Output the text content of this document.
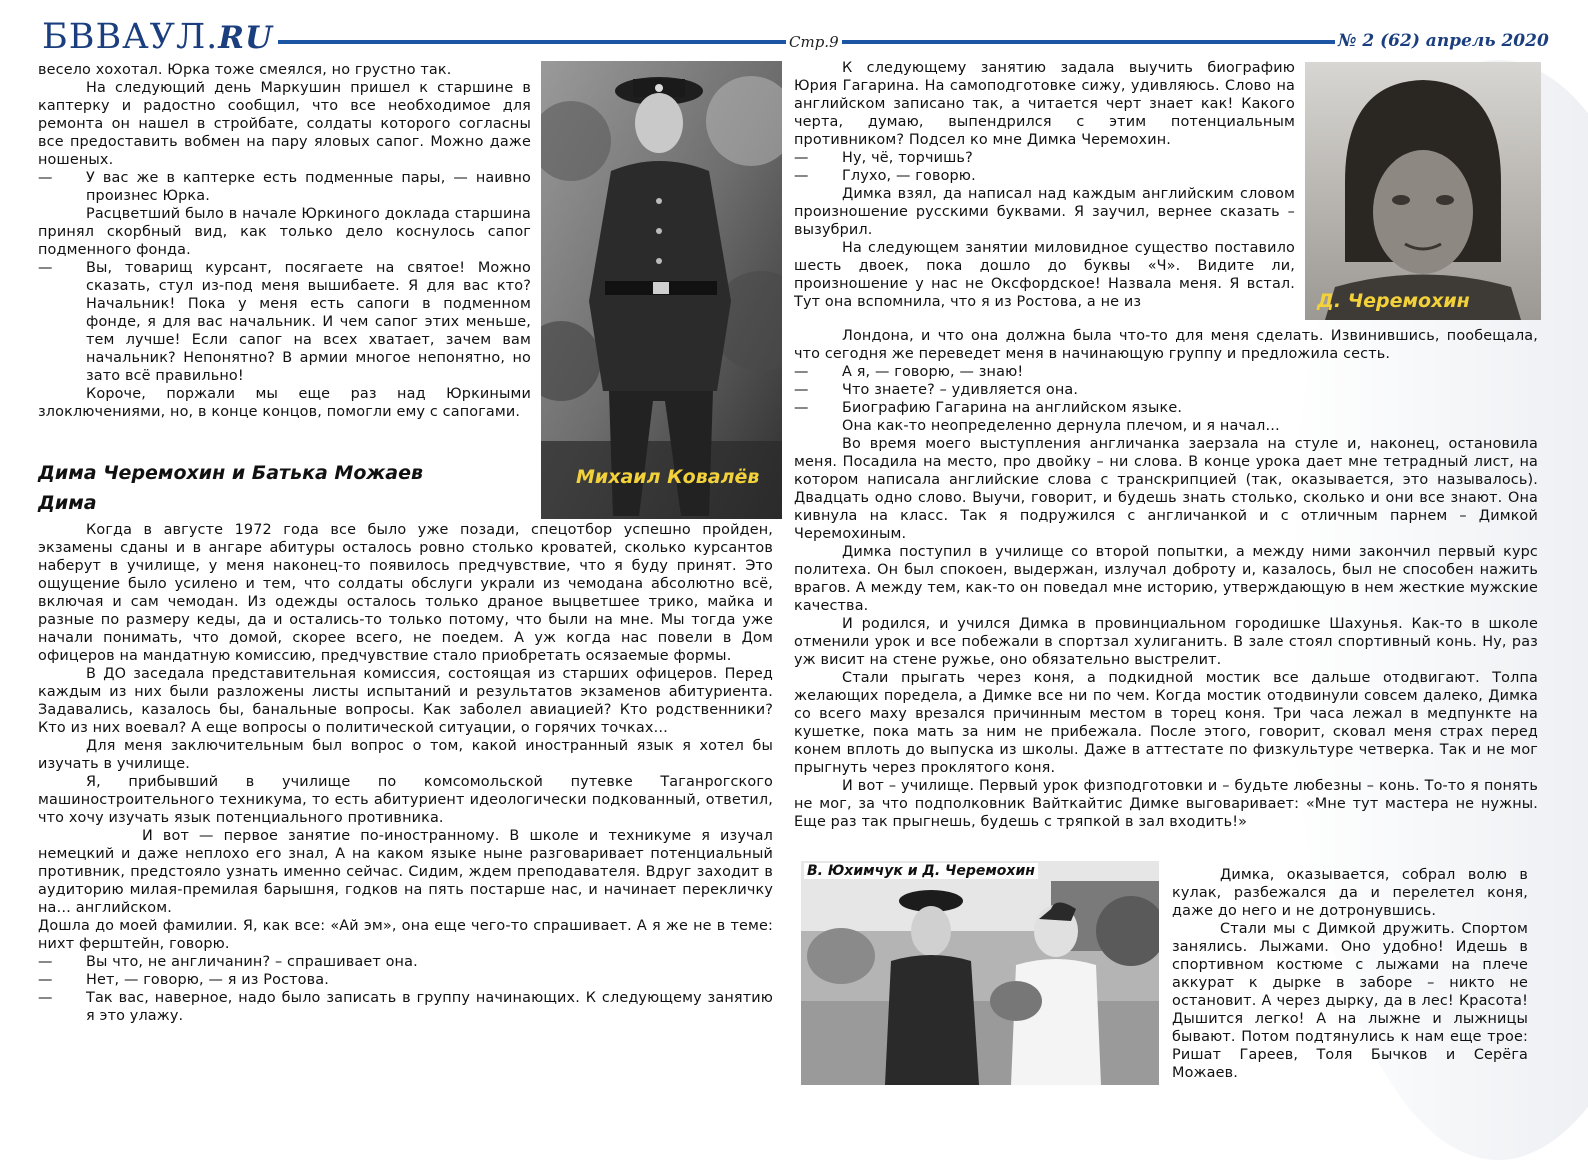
БВВАУЛ.RU	Стр.9	№ 2 (62) апрель 2020
Михаил Ковалёв
Д. Черемохин
В. Юхимчук и Д. Черемохин

весело хохотал. Юрка тоже смеялся, но грустно так.

На следующий день Маркушин пришел к старшине в каптерку и радостно сообщил, что все необходимое для ремонта он нашел в стройбате, солдаты которого согласны все предоставить вобмен на пару яловых сапог. Можно даже ношеных.

—	У вас же в каптерке есть подменные пары, — наивно произнес Юрка.

Расцветший было в начале Юркиного доклада старшина принял скорбный вид, как только дело коснулось сапог подменного фонда.

—	Вы, товарищ курсант, посягаете на святое! Можно сказать, стул из-под меня вышибаете. Я для вас кто? Начальник! Пока у меня есть сапоги в подменном фонде, я для вас начальник. И чем сапог этих меньше, тем лучше! Если сапог на всех хватает, зачем вам начальник? Непонятно? В армии многое непонятно, но зато всё правильно!

Короче, поржали мы еще раз над Юркиными злоключениями, но, в конце концов, помогли ему с сапогами.

Дима Черемохин и Батька Можаев

Дима

Когда в августе 1972 года все было уже позади, спецотбор успешно пройден, экзамены сданы и в ангаре абитуры осталось ровно столько кроватей, сколько курсантов наберут в училище, у меня наконец-то появилось предчувствие, что я буду принят. Это ощущение было усилено и тем, что солдаты обслуги украли из чемодана абсолютно всё, включая и сам чемодан. Из одежды осталось только драное выцветшее трико, майка и разные по размеру кеды, да и остались-то только потому, что были на мне. Мы тогда уже начали понимать, что домой, скорее всего, не поедем. А уж когда нас повели в Дом офицеров на мандатную комиссию, предчувствие стало приобретать осязаемые формы.

В ДО заседала представительная комиссия, состоящая из старших офицеров. Перед каждым из них были разложены листы испытаний и результатов экзаменов абитуриента. Задавались, казалось бы, банальные вопросы. Как заболел авиацией? Кто родственники? Кто из них воевал? А еще вопросы о политической ситуации, о горячих точках…

Для меня заключительным был вопрос о том, какой иностранный язык я хотел бы изучать в училище.

Я, прибывший в училище по комсомольской путевке Таганрогского машиностроительного техникума, то есть абитуриент идеологически подкованный, ответил, что хочу изучать язык потенциального противника.

И вот — первое занятие по-иностранному. В школе и техникуме я изучал немецкий и даже неплохо его знал, А на каком языке ныне разговаривает потенциальный противник, предстояло узнать именно сейчас. Сидим, ждем преподавателя. Вдруг заходит в аудиторию милая-премилая барышня, годков на пять постарше нас, и начинает перекличку на… английском.

Дошла до моей фамилии. Я, как все: «Ай эм», она еще чего-то спрашивает. А я же не в теме: нихт ферштейн, говорю.

—	Вы что, не англичанин? – спрашивает она.
—	Нет, — говорю, — я из Ростова.
—	Так вас, наверное, надо было записать в группу начинающих. К следующему занятию я это улажу.

К следующему занятию задала выучить биографию Юрия Гагарина. На самоподготовке сижу, удивляюсь. Слово на английском записано так, а читается черт знает как! Какого черта, думаю, выпендрился с этим потенциальным противником? Подсел ко мне Димка Черемохин.

—	Ну, чё, торчишь?
—	Глухо, — говорю.

Димка взял, да написал над каждым английским словом произношение русскими буквами. Я заучил, вернее сказать – вызубрил.

На следующем занятии миловидное существо поставило шесть двоек, пока дошло до буквы «Ч». Видите ли, произношение у нас не Оксфордское! Назвала меня. Я встал. Тут она вспомнила, что я из Ростова, а не из

Лондона, и что она должна была что-то для меня сделать. Извинившись, пообещала, что сегодня же переведет меня в начинающую группу и предложила сесть.

—	А я, — говорю, — знаю!
—	Что знаете? – удивляется она.
—	Биографию Гагарина на английском языке.

Она как-то неопределенно дернула плечом, и я начал…

Во время моего выступления англичанка заерзала на стуле и, наконец, остановила меня. Посадила на место, про двойку – ни слова. В конце урока дает мне тетрадный лист, на котором написала английские слова с транскрипцией (так, оказывается, это называлось). Двадцать одно слово. Выучи, говорит, и будешь знать столько, сколько и они все знают. Она кивнула на класс. Так я подружился с англичанкой и с отличным парнем – Димкой Черемохиным.

Димка поступил в училище со второй попытки, а между ними закончил первый курс политеха. Он был спокоен, выдержан, излучал доброту и, казалось, был не способен нажить врагов. А между тем, как-то он поведал мне историю, утверждающую в нем жесткие мужские качества.

И родился, и учился Димка в провинциальном городишке Шахунья. Как-то в школе отменили урок и все побежали в спортзал хулиганить. В зале стоял спортивный конь. Ну, раз уж висит на стене ружье, оно обязательно выстрелит.

Стали прыгать через коня, а подкидной мостик все дальше отодвигают. Толпа желающих поредела, а Димке все ни по чем. Когда мостик отодвинули совсем далеко, Димка со всего маху врезался причинным местом в торец коня. Три часа лежал в медпункте на кушетке, пока мать за ним не прибежала. После этого, говорит, сковал меня страх перед конем вплоть до выпуска из школы. Даже в аттестате по физкультуре четверка. Так и не мог прыгнуть через проклятого коня.

И вот – училище. Первый урок физподготовки и – будьте любезны – конь. То-то я понять не мог, за что подполковник Вайткайтис Димке выговаривает: «Мне тут мастера не нужны. Еще раз так прыгнешь, будешь с тряпкой в зал входить!»

Димка, оказывается, собрал волю в кулак, разбежался да и перелетел коня, даже до него и не дотронувшись.

Стали мы с Димкой дружить. Спортом занялись. Лыжами. Оно удобно! Идешь в спортивном костюме с лыжами на плече аккурат к дырке в заборе – никто не остановит. А через дырку, да в лес! Красота! Дышится легко! А на лыжне и лыжницы бывают. Потом подтянулись к нам еще трое: Ришат Гареев, Толя Бычков и Серёга Можаев.
